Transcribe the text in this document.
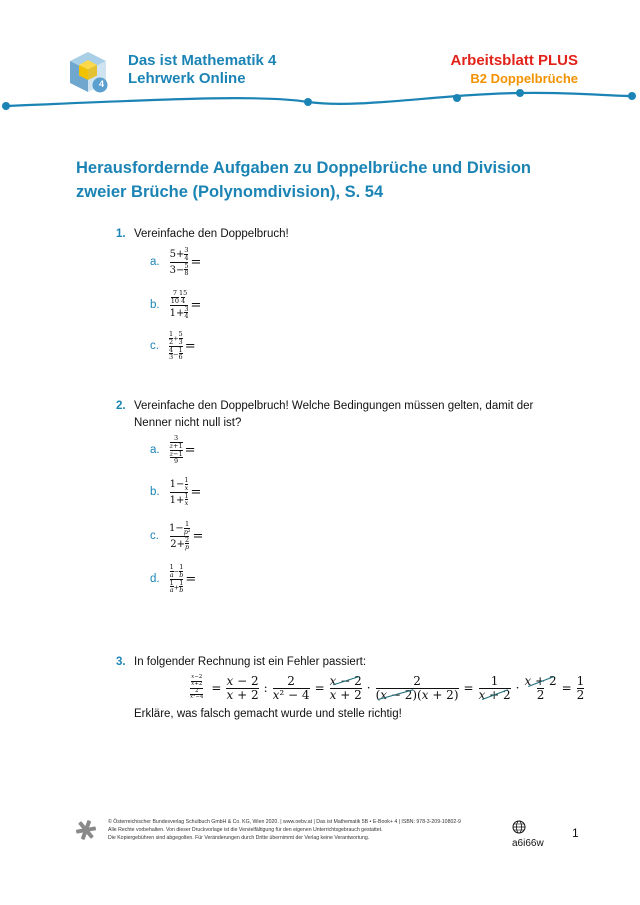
4
Das ist Mathematik 4
Lehrwerk Online
Arbeitsblatt PLUS
B2 Doppelbrüche
Herausfordernde Aufgaben zu Doppelbrüche und Division
zweier Brüche (Polynomdivision), S. 54
1. Vereinfache den Doppelbruch!
a. $\frac{5+ \frac{3}{4}}{3- \frac{5}{8}}$ =
b. $\frac{\frac{7}{10} \frac{15}{4}}{1+ \frac{3}{4}}$ =
c. $\frac{\frac{1}{2} + \frac{5}{3}}{\frac{4}{3} - \frac{1}{6}}$ =
2. Vereinfache den Doppelbruch! Welche Bedingungen müssen gelten, damit der
Nenner nicht null ist?
a. 3
z+1
z−1
9 =
b. $\frac{1- \frac{1}{x}}{1+ \frac{1}{x}}$ =
c. $\frac{1- \frac{1}{\text{p²}}}{2+ \frac{2}{p}}$ =
d. $\frac{\frac{1}{a} - \frac{1}{b}}{\frac{1}{a} + \frac{1}{b}}$ =
3. In folgender Rechnung ist ein Fehler passiert:
x−2
x+2
2
$x^2-4 = \frac{x - 2}{x + 2}$ : $\frac{2}{\text{x² − 4}} = \frac{x - 2}{x + 2} \cdot \frac{2}{(x - 2)(x + 2)} = \frac{1}{x + 2} \cdot \frac{x + 2}{2} = \frac{1}{2}$
Erkläre, was falsch gemacht wurde und stelle richtig!
© Österreichischer Bundesverlag Schulbuch GmbH & Co. KG, Wien 2020. | www.oebv.at | Das ist Mathematik 5B • E-Book+ 4 | ISBN: 978-3-209-10802-9
Alle Rechte vorbehalten. Von dieser Druckvorlage ist die Vervielfältigung für den eigenen Unterrichtsgebrauch gestattet.
Die Kopiergebühren sind abgegolten. Für Veränderungen durch Dritte übernimmt der Verlag keine Verantwortung.	a6i66w
1
